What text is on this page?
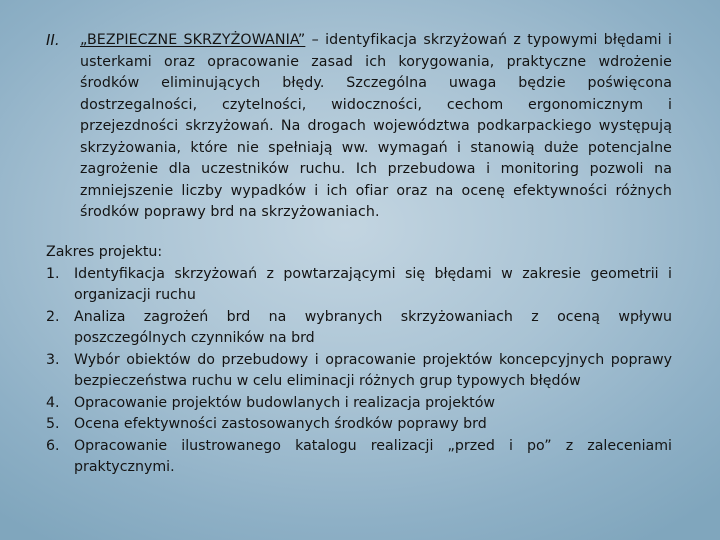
II.	„BEZPIECZNE SKRZYŻOWANIA” – identyfikacja skrzyżowań z typowymi błędami i usterkami oraz opracowanie zasad ich korygowania, praktyczne wdrożenie środków eliminujących błędy. Szczególna uwaga będzie poświęcona dostrzegalności, czytelności, widoczności, cechom ergonomicznym i przejezdności skrzyżowań. Na drogach województwa podkarpackiego występują skrzyżowania, które nie spełniają ww. wymagań i stanowią duże potencjalne zagrożenie dla uczestników ruchu. Ich przebudowa i monitoring pozwoli na zmniejszenie liczby wypadków i ich ofiar oraz na ocenę efektywności różnych środków poprawy brd na skrzyżowaniach.

Zakres projektu:

1.	Identyfikacja skrzyżowań z powtarzającymi się błędami w zakresie geometrii i organizacji ruchu
2.	Analiza zagrożeń brd na wybranych skrzyżowaniach z oceną wpływu poszczególnych czynników na brd
3.	Wybór obiektów do przebudowy i opracowanie projektów koncepcyjnych poprawy bezpieczeństwa ruchu w celu eliminacji różnych grup typowych błędów
4.	Opracowanie projektów budowlanych i realizacja projektów
5.	Ocena efektywności zastosowanych środków poprawy brd
6.	Opracowanie ilustrowanego katalogu realizacji „przed i po” z zaleceniami praktycznymi.
